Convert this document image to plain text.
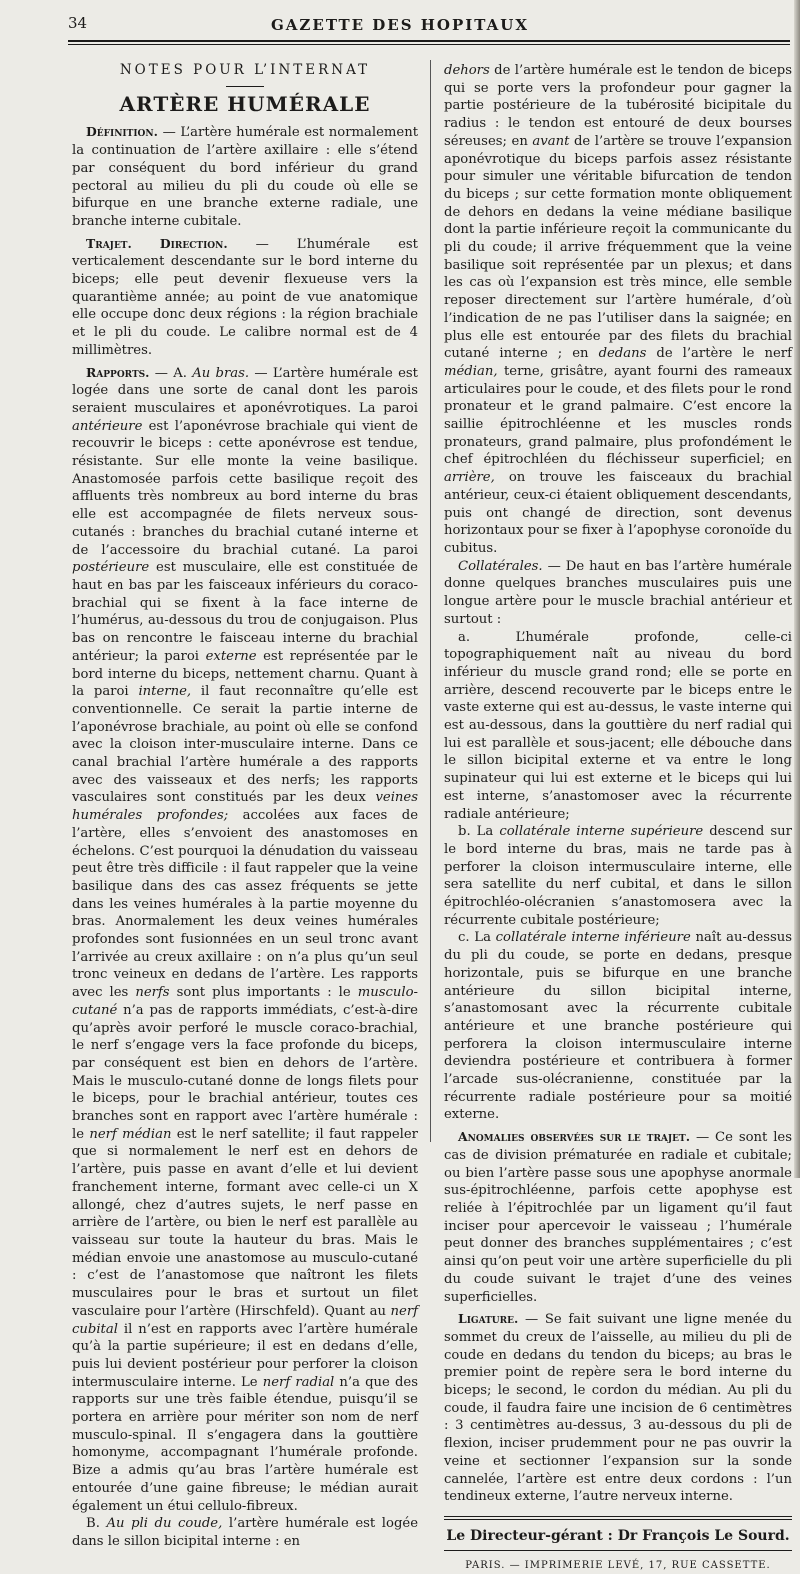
34	GAZETTE DES HOPITAUX
NOTES POUR L’INTERNAT
ARTÈRE HUMÉRALE

Définition. — L’artère humérale est normalement la continuation de l’artère axillaire : elle s’étend par conséquent du bord inférieur du grand pectoral au milieu du pli du coude où elle se bifurque en une branche externe radiale, une branche interne cubitale.

Trajet. Direction. — L’humérale est verticalement descendante sur le bord interne du biceps; elle peut devenir flexueuse vers la quarantième année; au point de vue anatomique elle occupe donc deux régions : la région brachiale et le pli du coude. Le calibre normal est de 4 millimètres.

Rapports. — A. Au bras. — L’artère humérale est logée dans une sorte de canal dont les parois seraient musculaires et aponévrotiques. La paroi antérieure est l’aponévrose brachiale qui vient de recouvrir le biceps : cette aponévrose est tendue, résistante. Sur elle monte la veine basilique. Anastomosée parfois cette basilique reçoit des affluents très nombreux au bord interne du bras elle est accompagnée de filets nerveux sous-cutanés : branches du brachial cutané interne et de l’accessoire du brachial cutané. La paroi postérieure est musculaire, elle est constituée de haut en bas par les faisceaux inférieurs du coraco-brachial qui se fixent à la face interne de l’humérus, au-dessous du trou de conjugaison. Plus bas on rencontre le faisceau interne du brachial antérieur; la paroi externe est représentée par le bord interne du biceps, nettement charnu. Quant à la paroi interne, il faut reconnaître qu’elle est conventionnelle. Ce serait la partie interne de l’aponévrose brachiale, au point où elle se confond avec la cloison inter-musculaire interne. Dans ce canal brachial l’artère humérale a des rapports avec des vaisseaux et des nerfs; les rapports vasculaires sont constitués par les deux veines humérales profondes; accolées aux faces de l’artère, elles s’envoient des anastomoses en échelons. C’est pourquoi la dénudation du vaisseau peut être très difficile : il faut rappeler que la veine basilique dans des cas assez fréquents se jette dans les veines humérales à la partie moyenne du bras. Anormalement les deux veines humérales profondes sont fusionnées en un seul tronc avant l’arrivée au creux axillaire : on n’a plus qu’un seul tronc veineux en dedans de l’artère. Les rapports avec les nerfs sont plus importants : le musculo-cutané n’a pas de rapports immédiats, c’est-à-dire qu’après avoir perforé le muscle coraco-brachial, le nerf s’engage vers la face profonde du biceps, par conséquent est bien en dehors de l’artère. Mais le musculo-cutané donne de longs filets pour le biceps, pour le brachial antérieur, toutes ces branches sont en rapport avec l’artère humérale : le nerf médian est le nerf satellite; il faut rappeler que si normalement le nerf est en dehors de l’artère, puis passe en avant d’elle et lui devient franchement interne, formant avec celle-ci un X allongé, chez d’autres sujets, le nerf passe en arrière de l’artère, ou bien le nerf est parallèle au vaisseau sur toute la hauteur du bras. Mais le médian envoie une anastomose au musculo-cutané : c’est de l’anastomose que naîtront les filets musculaires pour le bras et surtout un filet vasculaire pour l’artère (Hirschfeld). Quant au nerf cubital il n’est en rapports avec l’artère humérale qu’à la partie supérieure; il est en dedans d’elle, puis lui devient postérieur pour perforer la cloison intermusculaire interne. Le nerf radial n’a que des rapports sur une très faible étendue, puisqu’il se portera en arrière pour mériter son nom de nerf musculo-spinal. Il s’engagera dans la gouttière homonyme, accompagnant l’humérale profonde. Bize a admis qu’au bras l’artère humérale est entourée d’une gaine fibreuse; le médian aurait également un étui cellulo-fibreux.

B. Au pli du coude, l’artère humérale est logée dans le sillon bicipital interne : en

dehors de l’artère humérale est le tendon de biceps qui se porte vers la profondeur pour gagner la partie postérieure de la tubérosité bicipitale du radius : le tendon est entouré de deux bourses séreuses; en avant de l’artère se trouve l’expansion aponévrotique du biceps parfois assez résistante pour simuler une véritable bifurcation de tendon du biceps ; sur cette formation monte obliquement de dehors en dedans la veine médiane basilique dont la partie inférieure reçoit la communicante du pli du coude; il arrive fréquemment que la veine basilique soit représentée par un plexus; et dans les cas où l’expansion est très mince, elle semble reposer directement sur l’artère humérale, d’où l’indication de ne pas l’utiliser dans la saignée; en plus elle est entourée par des filets du brachial cutané interne ; en dedans de l’artère le nerf médian, terne, grisâtre, ayant fourni des rameaux articulaires pour le coude, et des filets pour le rond pronateur et le grand palmaire. C’est encore la saillie épitrochléenne et les muscles ronds pronateurs, grand palmaire, plus profondément le chef épitrochléen du fléchisseur superficiel; en arrière, on trouve les faisceaux du brachial antérieur, ceux-ci étaient obliquement descendants, puis ont changé de direction, sont devenus horizontaux pour se fixer à l’apophyse coronoïde du cubitus.

Collatérales. — De haut en bas l’artère humérale donne quelques branches musculaires puis une longue artère pour le muscle brachial antérieur et surtout :

a. L’humérale profonde, celle-ci topographiquement naît au niveau du bord inférieur du muscle grand rond; elle se porte en arrière, descend recouverte par le biceps entre le vaste externe qui est au-dessus, le vaste interne qui est au-dessous, dans la gouttière du nerf radial qui lui est parallèle et sous-jacent; elle débouche dans le sillon bicipital externe et va entre le long supinateur qui lui est externe et le biceps qui lui est interne, s’anastomoser avec la récurrente radiale antérieure;

b. La collatérale interne supérieure descend sur le bord interne du bras, mais ne tarde pas à perforer la cloison intermusculaire interne, elle sera satellite du nerf cubital, et dans le sillon épitrochléo-olécranien s’anastomosera avec la récurrente cubitale postérieure;

c. La collatérale interne inférieure naît au-dessus du pli du coude, se porte en dedans, presque horizontale, puis se bifurque en une branche antérieure du sillon bicipital interne, s’anastomosant avec la récurrente cubitale antérieure et une branche postérieure qui perforera la cloison intermusculaire interne deviendra postérieure et contribuera à former l’arcade sus-olécranienne, constituée par la récurrente radiale postérieure pour sa moitié externe.

Anomalies observées sur le trajet. — Ce sont les cas de division prématurée en radiale et cubitale; ou bien l’artère passe sous une apophyse anormale sus-épitrochléenne, parfois cette apophyse est reliée à l’épitrochlée par un ligament qu’il faut inciser pour apercevoir le vaisseau ; l’humérale peut donner des branches supplémentaires ; c’est ainsi qu’on peut voir une artère superficielle du pli du coude suivant le trajet d’une des veines superficielles.

Ligature. — Se fait suivant une ligne menée du sommet du creux de l’aisselle, au milieu du pli de coude en dedans du tendon du biceps; au bras le premier point de repère sera le bord interne du biceps; le second, le cordon du médian. Au pli du coude, il faudra faire une incision de 6 centimètres : 3 centimètres au-dessus, 3 au-dessous du pli de flexion, inciser prudemment pour ne pas ouvrir la veine et sectionner l’expansion sur la sonde cannelée, l’artère est entre deux cordons : l’un tendineux externe, l’autre nerveux interne.

Le Directeur-gérant : Dr François Le Sourd.
PARIS. — IMPRIMERIE LEVÉ, 17, RUE CASSETTE.
